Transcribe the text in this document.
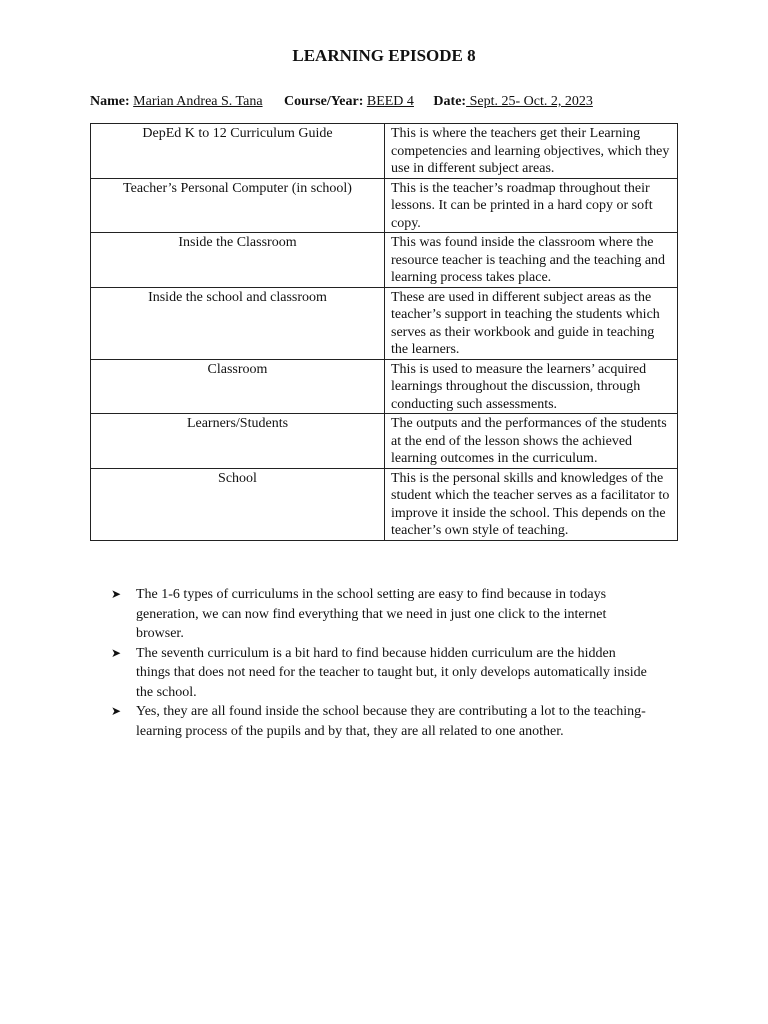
LEARNING EPISODE 8
Name: Marian Andrea S. Tana Course/Year: BEED 4 Date: Sept. 25- Oct. 2, 2023
DepEd K to 12 Curriculum Guide	This is where the teachers get their Learning competencies and learning objectives, which they use in different subject areas.
Teacher’s Personal Computer (in school)	This is the teacher’s roadmap throughout their lessons. It can be printed in a hard copy or soft copy.
Inside the Classroom	This was found inside the classroom where the resource teacher is teaching and the teaching and learning process takes place.
Inside the school and classroom	These are used in different subject areas as the teacher’s support in teaching the students which serves as their workbook and guide in teaching the learners.
Classroom	This is used to measure the learners’ acquired learnings throughout the discussion, through conducting such assessments.
Learners/Students	The outputs and the performances of the students at the end of the lesson shows the achieved learning outcomes in the curriculum.
School	This is the personal skills and knowledges of the student which the teacher serves as a facilitator to improve it inside the school. This depends on the teacher’s own style of teaching.
➤ The 1-6 types of curriculums in the school setting are easy to find because in todays generation, we can now find everything that we need in just one click to the internet browser.
➤ The seventh curriculum is a bit hard to find because hidden curriculum are the hidden things that does not need for the teacher to taught but, it only develops automatically inside the school.
➤ Yes, they are all found inside the school because they are contributing a lot to the teaching-learning process of the pupils and by that, they are all related to one another.
